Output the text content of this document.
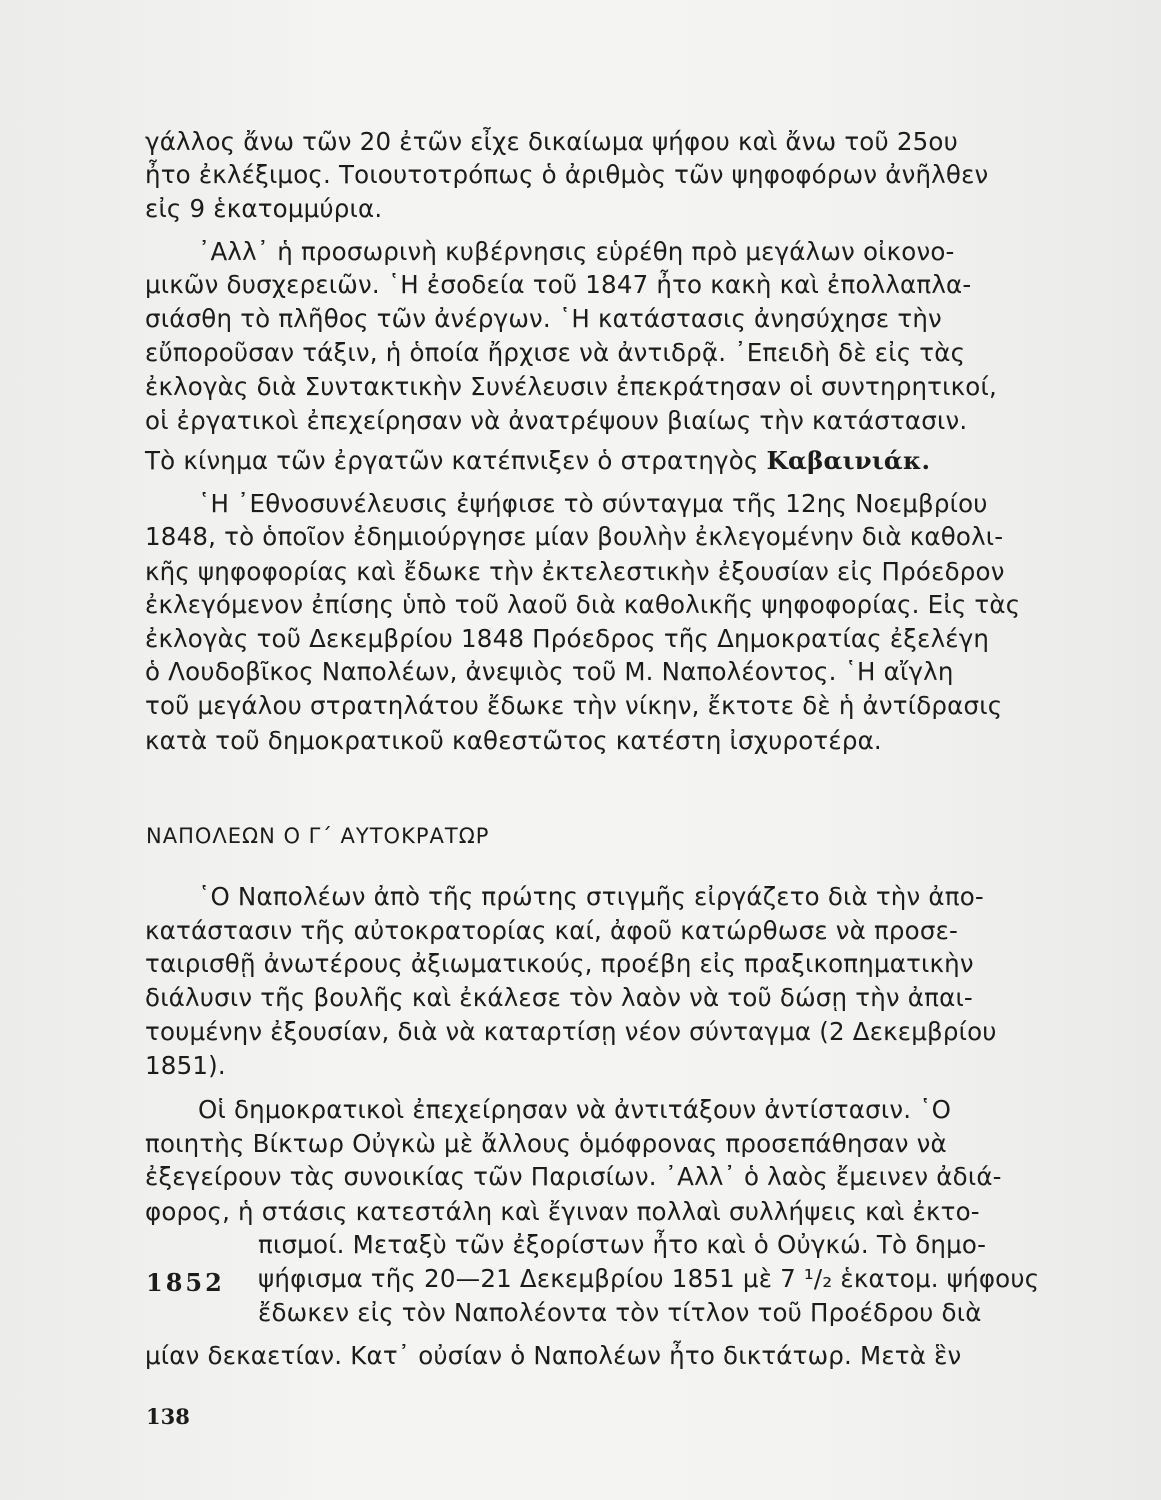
γάλλος ἄνω τῶν 20 ἐτῶν εἶχε δικαίωμα ψήφου καὶ ἄνω τοῦ 25ου
ἦτο ἐκλέξιμος. Τοιουτοτρόπως ὁ ἀριθμὸς τῶν ψηφοφόρων ἀνῆλθεν
εἰς 9 ἑκατομμύρια.
᾿Αλλ᾿ ἡ προσωρινὴ κυβέρνησις εὑρέθη πρὸ μεγάλων οἰκονο-
μικῶν δυσχερειῶν. ῾Η ἐσοδεία τοῦ 1847 ἦτο κακὴ καὶ ἐπολλαπλα-
σιάσθη τὸ πλῆθος τῶν ἀνέργων. ῾Η κατάστασις ἀνησύχησε τὴν
εὔποροῦσαν τάξιν, ἡ ὁποία ἤρχισε νὰ ἀντιδρᾷ. ᾿Επειδὴ δὲ εἰς τὰς
ἐκλογὰς διὰ Συντακτικὴν Συνέλευσιν ἐπεκράτησαν οἱ συντηρητικοί,
οἱ ἐργατικοὶ ἐπεχείρησαν νὰ ἀνατρέψουν βιαίως τὴν κατάστασιν.
Τὸ κίνημα τῶν ἐργατῶν κατέπνιξεν ὁ στρατηγὸς Καβαινιάκ.
῾Η ᾿Εθνοσυνέλευσις ἐψήφισε τὸ σύνταγμα τῆς 12ης Νοεμβρίου
1848, τὸ ὁποῖον ἐδημιούργησε μίαν βουλὴν ἐκλεγομένην διὰ καθολι-
κῆς ψηφοφορίας καὶ ἔδωκε τὴν ἐκτελεστικὴν ἐξουσίαν εἰς Πρόεδρον
ἐκλεγόμενον ἐπίσης ὑπὸ τοῦ λαοῦ διὰ καθολικῆς ψηφοφορίας. Εἰς τὰς
ἐκλογὰς τοῦ Δεκεμβρίου 1848 Πρόεδρος τῆς Δημοκρατίας ἐξελέγη
ὁ Λουδοβῖκος Ναπολέων, ἀνεψιὸς τοῦ Μ. Ναπολέοντος. ῾Η αἴγλη
τοῦ μεγάλου στρατηλάτου ἔδωκε τὴν νίκην, ἔκτοτε δὲ ἡ ἀντίδρασις
κατὰ τοῦ δημοκρατικοῦ καθεστῶτος κατέστη ἰσχυροτέρα.
ΝΑΠΟΛΕΩΝ Ο Γ΄ ΑΥΤΟΚΡΑΤΩΡ
῾Ο Ναπολέων ἀπὸ τῆς πρώτης στιγμῆς εἰργάζετο διὰ τὴν ἀπο-
κατάστασιν τῆς αὐτοκρατορίας καί, ἀφοῦ κατώρθωσε νὰ προσε-
ταιρισθῇ ἀνωτέρους ἀξιωματικούς, προέβη εἰς πραξικοπηματικὴν
διάλυσιν τῆς βουλῆς καὶ ἐκάλεσε τὸν λαὸν νὰ τοῦ δώσῃ τὴν ἀπαι-
τουμένην ἐξουσίαν, διὰ νὰ καταρτίσῃ νέον σύνταγμα (2 Δεκεμβρίου
1851).
Οἱ δημοκρατικοὶ ἐπεχείρησαν νὰ ἀντιτάξουν ἀντίστασιν. ῾Ο
ποιητὴς Βίκτωρ Οὐγκὼ μὲ ἄλλους ὁμόφρονας προσεπάθησαν νὰ
ἐξεγείρουν τὰς συνοικίας τῶν Παρισίων. ᾿Αλλ᾿ ὁ λαὸς ἔμεινεν ἀδιά-
φορος, ἡ στάσις κατεστάλη καὶ ἔγιναν πολλαὶ συλλήψεις καὶ ἐκτο-
πισμοί. Μεταξὺ τῶν ἐξορίστων ἦτο καὶ ὁ Οὐγκώ. Τὸ δημο-
ψήφισμα τῆς 20—21 Δεκεμβρίου 1851 μὲ 7 ¹/₂ ἑκατομ. ψήφους
ἔδωκεν εἰς τὸν Ναπολέοντα τὸν τίτλον τοῦ Προέδρου διὰ
μίαν δεκαετίαν. Κατ᾿ οὐσίαν ὁ Ναπολέων ἦτο δικτάτωρ. Μετὰ ἓν
1852
138
